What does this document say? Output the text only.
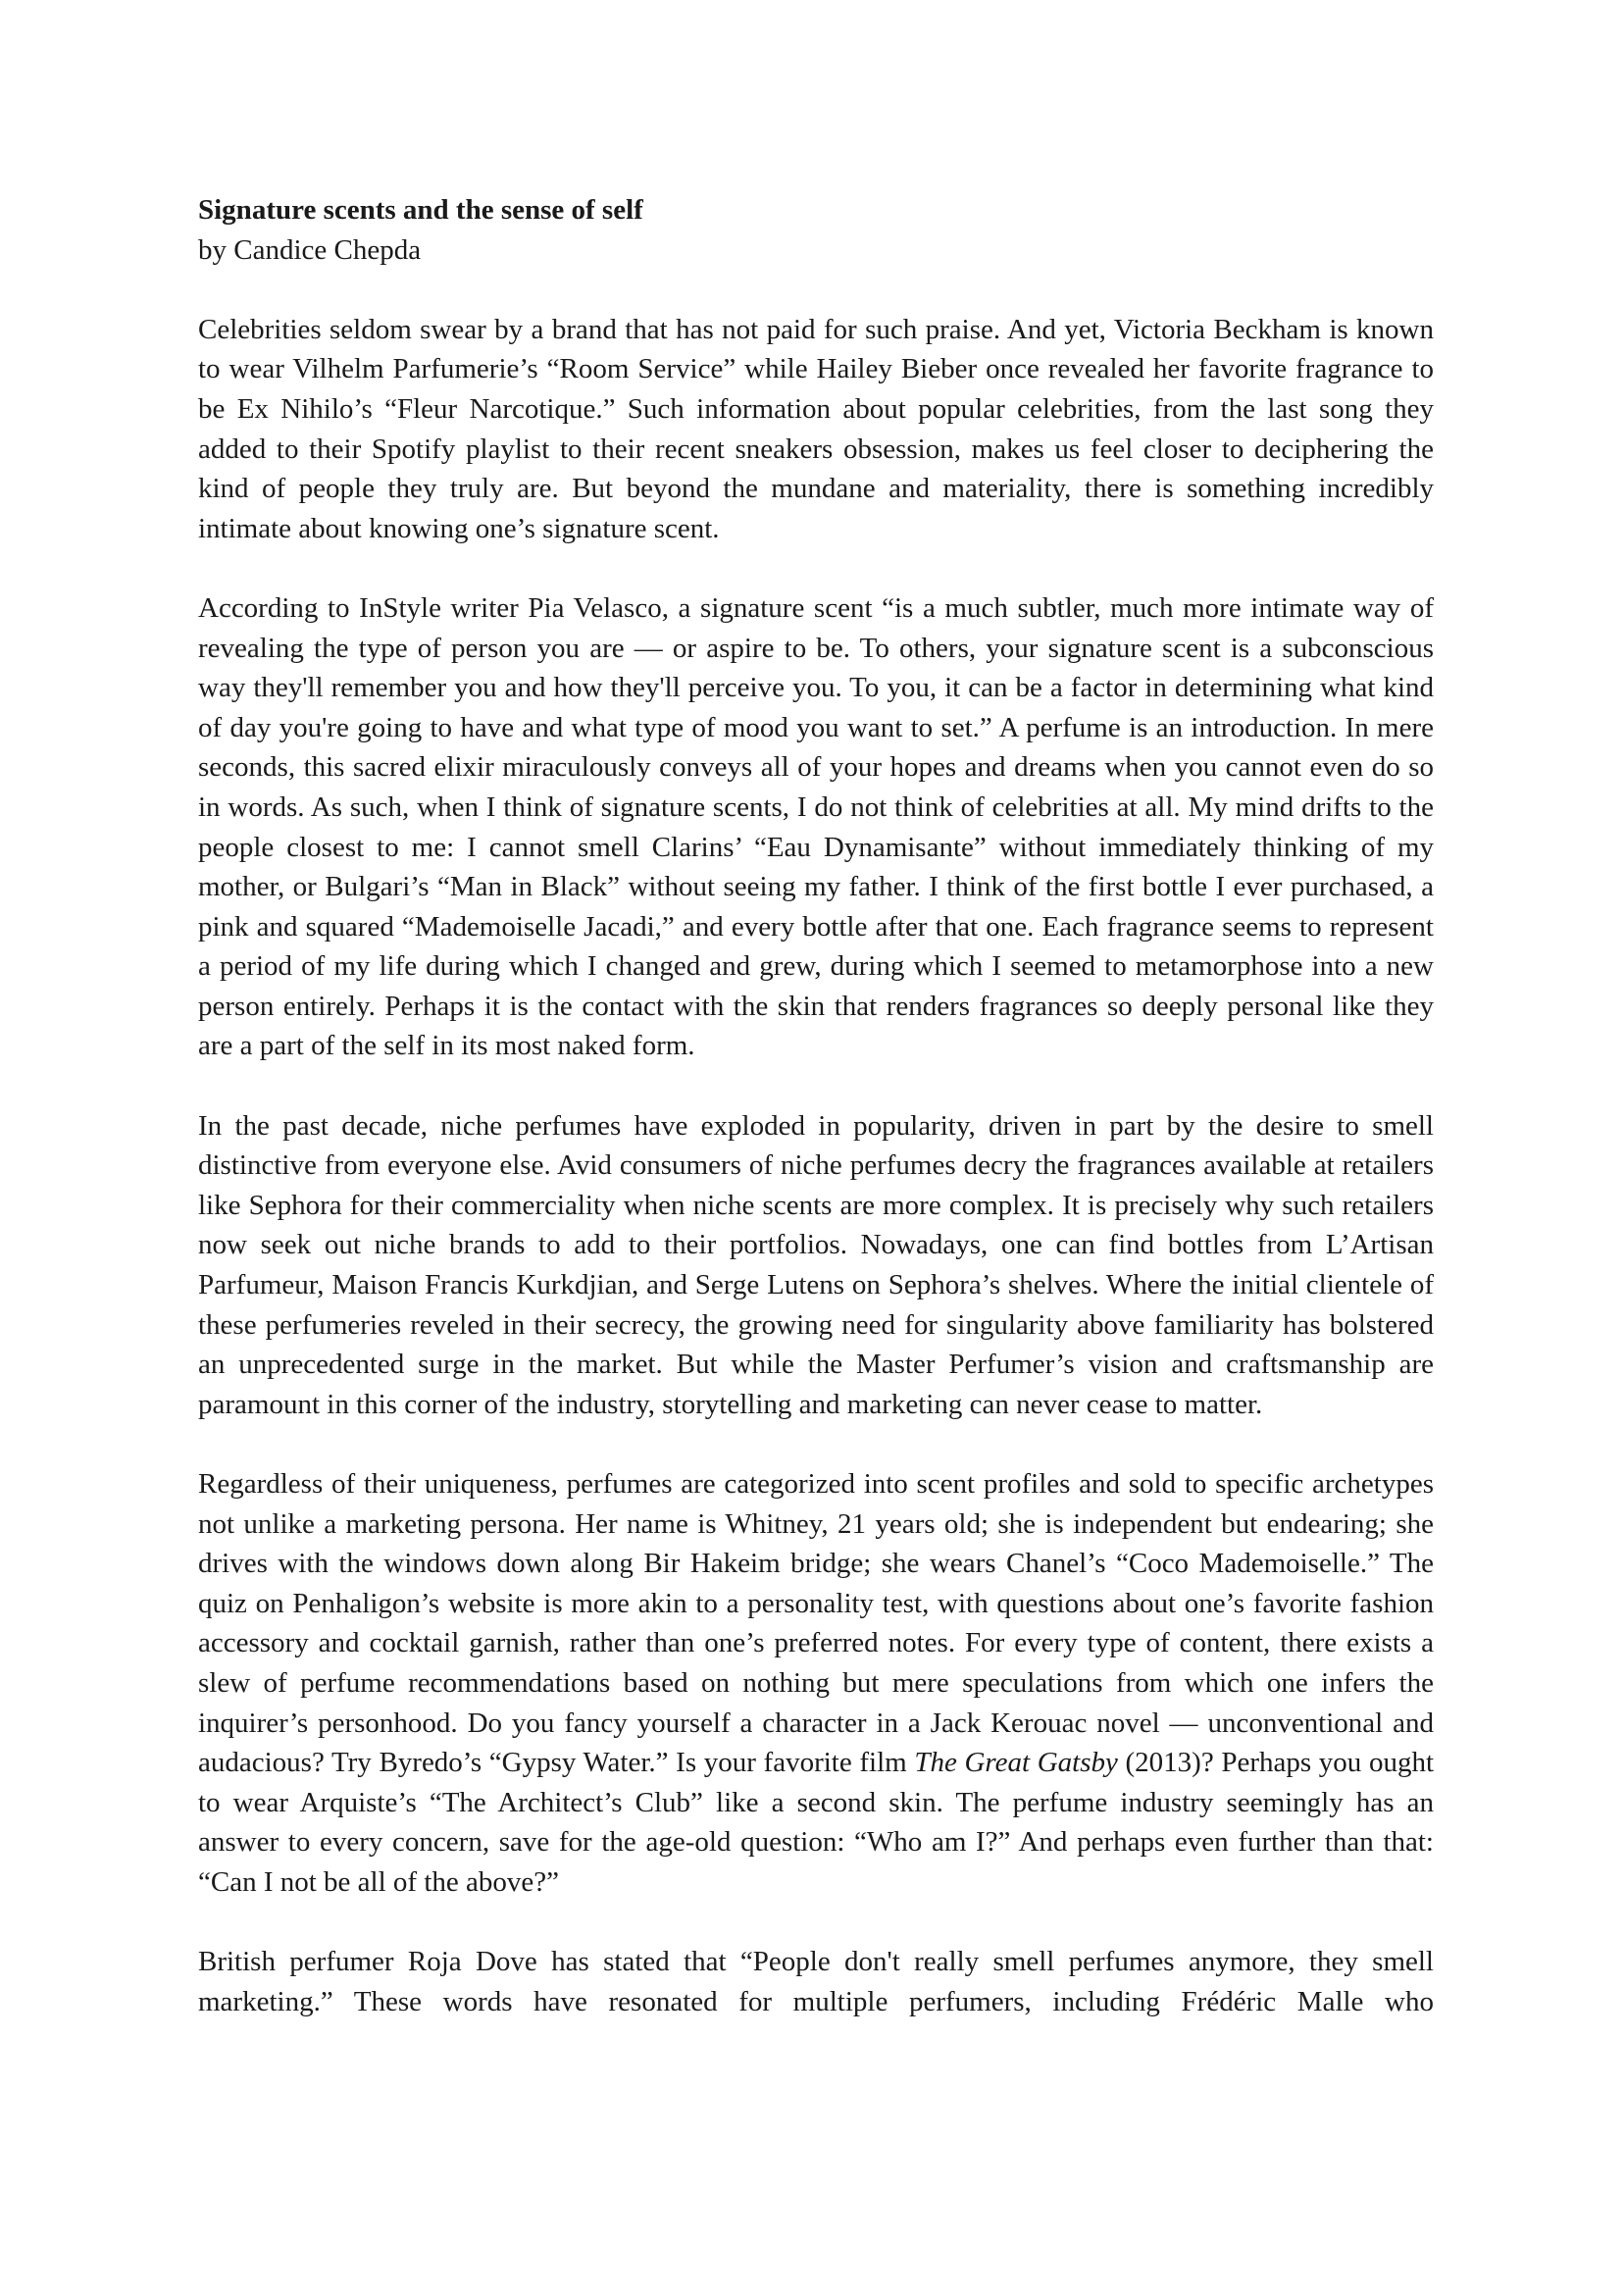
Signature scents and the sense of self

by Candice Chepda

Celebrities seldom swear by a brand that has not paid for such praise. And yet, Victoria Beckham is known to wear Vilhelm Parfumerie’s “Room Service” while Hailey Bieber once revealed her favorite fragrance to be Ex Nihilo’s “Fleur Narcotique.” Such information about popular celebrities, from the last song they added to their Spotify playlist to their recent sneakers obsession, makes us feel closer to deciphering the kind of people they truly are. But beyond the mundane and materiality, there is something incredibly intimate about knowing one’s signature scent.

According to InStyle writer Pia Velasco, a signature scent “is a much subtler, much more intimate way of revealing the type of person you are — or aspire to be. To others, your signature scent is a subconscious way they'll remember you and how they'll perceive you. To you, it can be a factor in determining what kind of day you're going to have and what type of mood you want to set.” A perfume is an introduction. In mere seconds, this sacred elixir miraculously conveys all of your hopes and dreams when you cannot even do so in words. As such, when I think of signature scents, I do not think of celebrities at all. My mind drifts to the people closest to me: I cannot smell Clarins’ “Eau Dynamisante” without immediately thinking of my mother, or Bulgari’s “Man in Black” without seeing my father. I think of the first bottle I ever purchased, a pink and squared “Mademoiselle Jacadi,” and every bottle after that one. Each fragrance seems to represent a period of my life during which I changed and grew, during which I seemed to metamorphose into a new person entirely. Perhaps it is the contact with the skin that renders fragrances so deeply personal like they are a part of the self in its most naked form.

In the past decade, niche perfumes have exploded in popularity, driven in part by the desire to smell distinctive from everyone else. Avid consumers of niche perfumes decry the fragrances available at retailers like Sephora for their commerciality when niche scents are more complex. It is precisely why such retailers now seek out niche brands to add to their portfolios. Nowadays, one can find bottles from L’Artisan Parfumeur, Maison Francis Kurkdjian, and Serge Lutens on Sephora’s shelves. Where the initial clientele of these perfumeries reveled in their secrecy, the growing need for singularity above familiarity has bolstered an unprecedented surge in the market. But while the Master Perfumer’s vision and craftsmanship are paramount in this corner of the industry, storytelling and marketing can never cease to matter.

Regardless of their uniqueness, perfumes are categorized into scent profiles and sold to specific archetypes not unlike a marketing persona. Her name is Whitney, 21 years old; she is independent but endearing; she drives with the windows down along Bir Hakeim bridge; she wears Chanel’s “Coco Mademoiselle.” The quiz on Penhaligon’s website is more akin to a personality test, with questions about one’s favorite fashion accessory and cocktail garnish, rather than one’s preferred notes. For every type of content, there exists a slew of perfume recommendations based on nothing but mere speculations from which one infers the inquirer’s personhood. Do you fancy yourself a character in a Jack Kerouac novel — unconventional and audacious? Try Byredo’s “Gypsy Water.” Is your favorite film The Great Gatsby (2013)? Perhaps you ought to wear Arquiste’s “The Architect’s Club” like a second skin. The perfume industry seemingly has an answer to every concern, save for the age-old question: “Who am I?” And perhaps even further than that: “Can I not be all of the above?”

British perfumer Roja Dove has stated that “People don't really smell perfumes anymore, they smell marketing.” These words have resonated for multiple perfumers, including Frédéric Malle who
